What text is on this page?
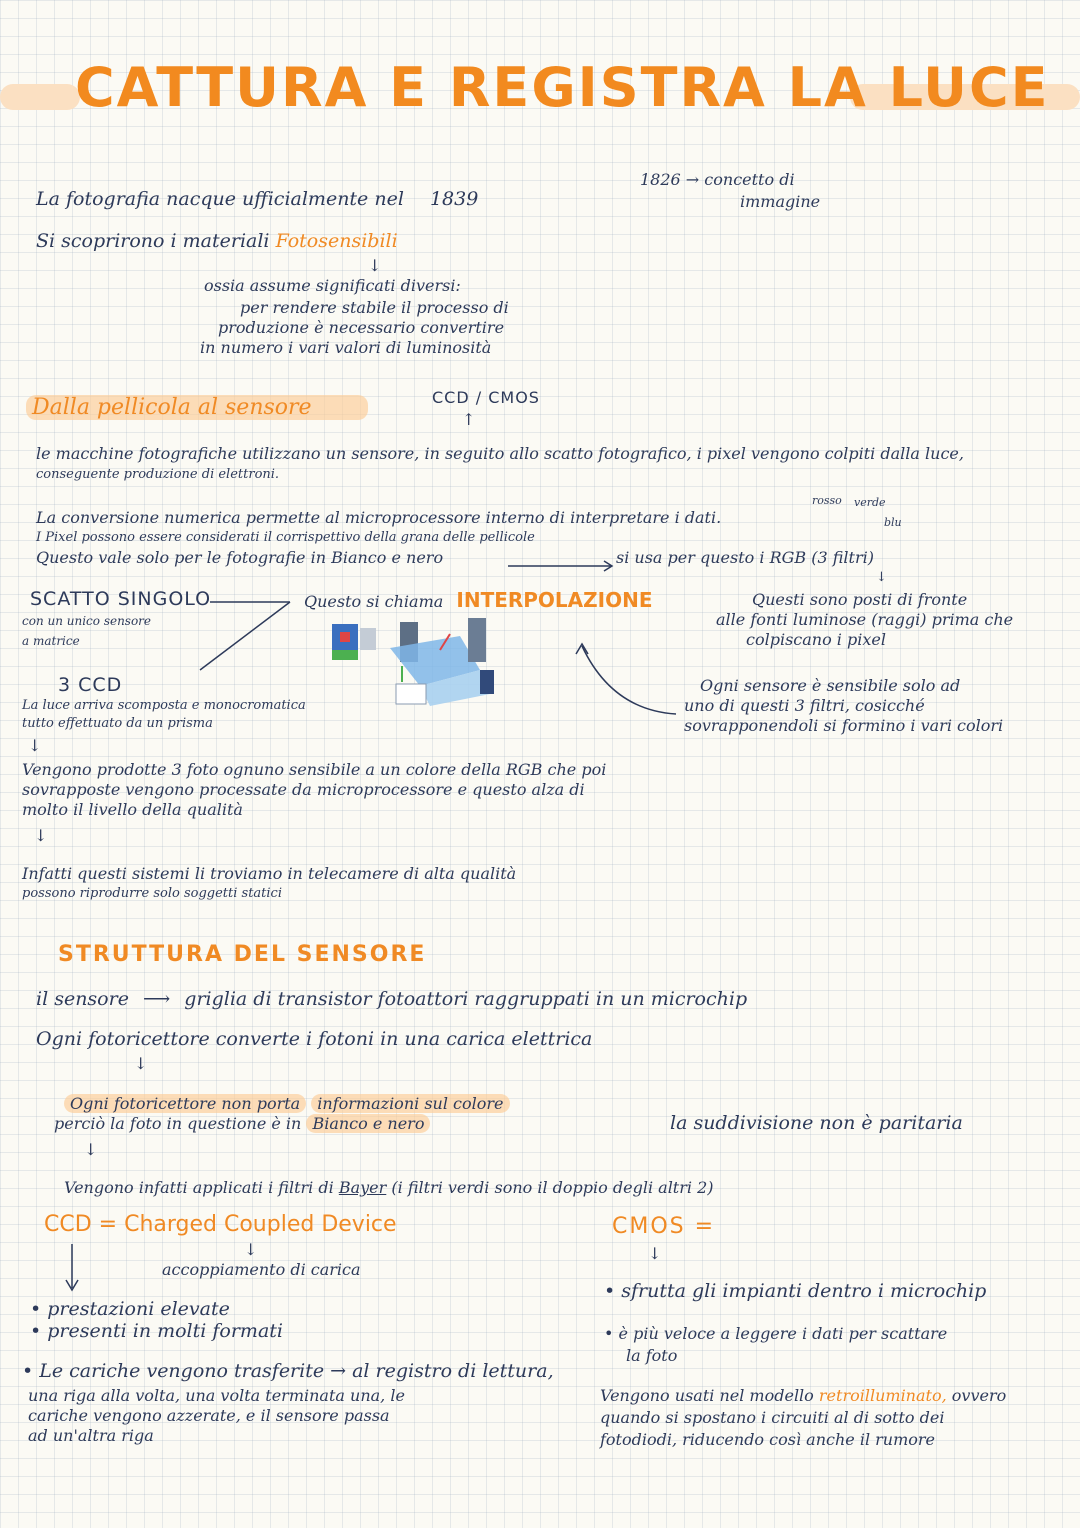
CATTURA E REGISTRA LA LUCE
La fotografia nacque ufficialmente nel 1839
1826 → concetto di
immagine
Si scoprirono i materiali Fotosensibili
↓
ossia assume significati diversi:
per rendere stabile il processo di
produzione è necessario convertire
in numero i vari valori di luminosità
Dalla pellicola al sensore	CCD / CMOS
↑
le macchine fotografiche utilizzano un sensore, in seguito allo scatto fotografico, i pixel vengono colpiti dalla luce,
conseguente produzione di elettroni.
La conversione numerica permette al microprocessore interno di interpretare i dati.
I Pixel possono essere considerati il corrispettivo della grana delle pellicole
Questo vale solo per le fotografie in Bianco e nero
rosso verde
blu
si usa per questo i RGB (3 filtri)
↓
SCATTO SINGOLO
con un unico sensore
a matrice
Questo si chiama INTERPOLAZIONE	Questi sono posti di fronte
alle fonti luminose (raggi) prima che
colpiscano i pixel
Ogni sensore è sensibile solo ad
uno di questi 3 filtri, cosicché
sovrapponendoli si formino i vari colori
3 CCD
La luce arriva scomposta e monocromatica
tutto effettuato da un prisma
↓
Vengono prodotte 3 foto ognuno sensibile a un colore della RGB che poi
sovrapposte vengono processate da microprocessore e questo alza di
molto il livello della qualità
↓
Infatti questi sistemi li troviamo in telecamere di alta qualità
possono riprodurre solo soggetti statici
STRUTTURA DEL SENSORE
il sensore ⟶ griglia di transistor fotoattori raggruppati in un microchip
Ogni fotoricettore converte i fotoni in una carica elettrica
↓
Ogni fotoricettore non porta informazioni sul colore
perciò la foto in questione è in Bianco e nero	la suddivisione non è paritaria
↓
Vengono infatti applicati i filtri di Bayer (i filtri verdi sono il doppio degli altri 2)
CCD = Charged Coupled Device
↓
accoppiamento di carica
• prestazioni elevate
• presenti in molti formati
• Le cariche vengono trasferite → al registro di lettura,
una riga alla volta, una volta terminata una, le
cariche vengono azzerate, e il sensore passa
ad un'altra riga
CMOS =
↓
• sfrutta gli impianti dentro i microchip
• è più veloce a leggere i dati per scattare
la foto
Vengono usati nel modello retroilluminato, ovvero
quando si spostano i circuiti al di sotto dei
fotodiodi, riducendo così anche il rumore
